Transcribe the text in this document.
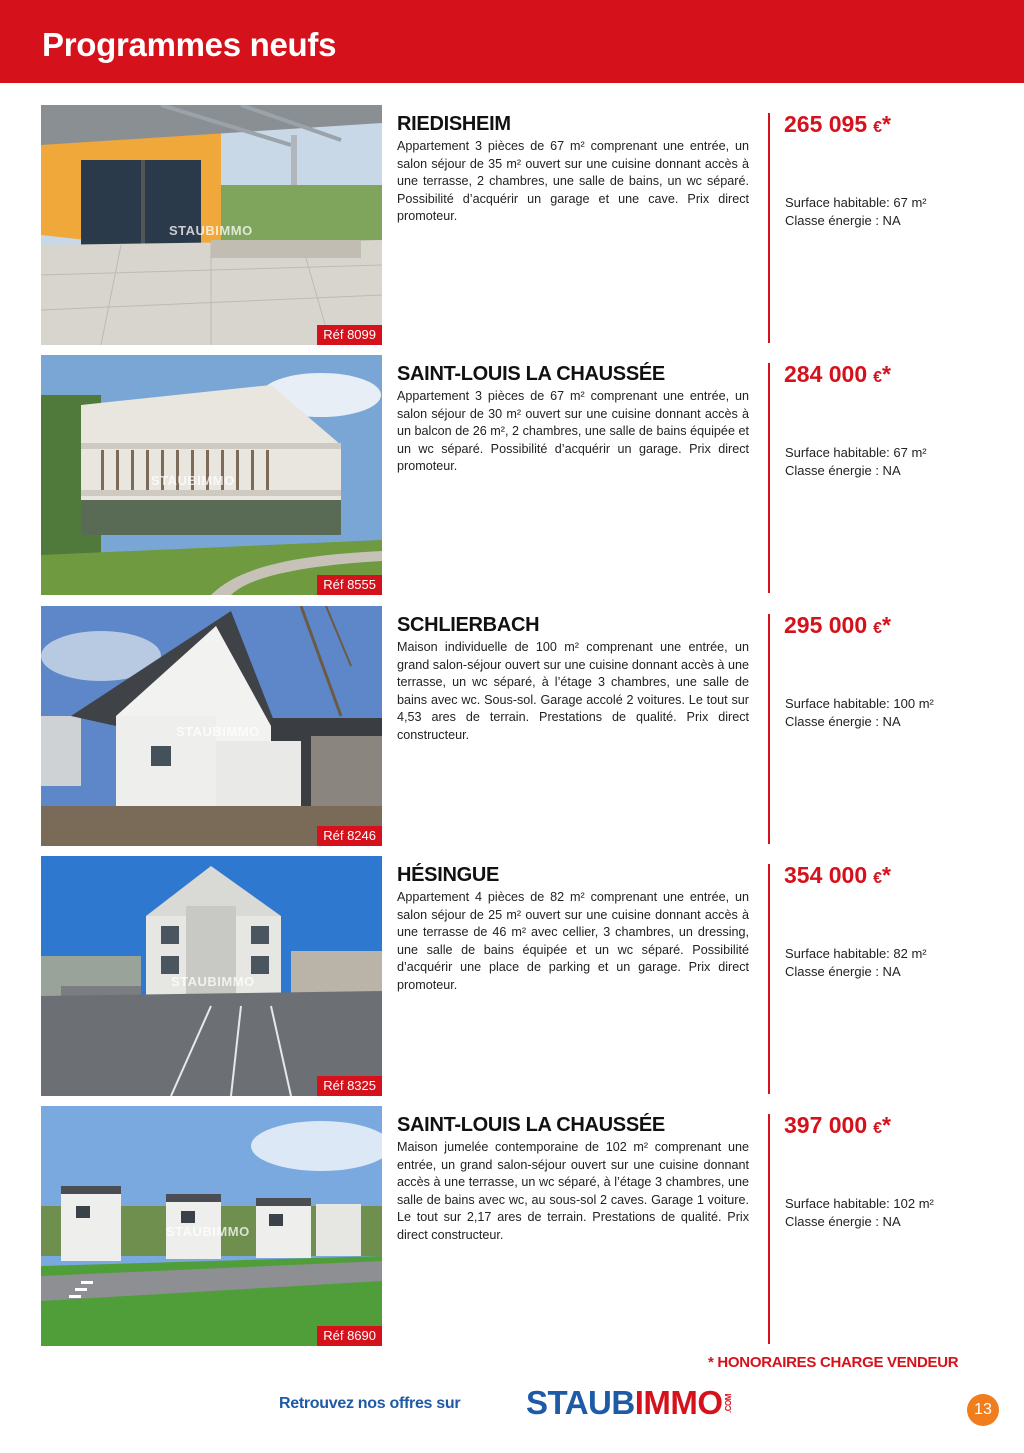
Programmes neufs
STAUBIMMO
Réf 8099
RIEDISHEIM
Appartement 3 pièces de 67 m² comprenant une entrée, un salon séjour de 35 m² ouvert sur une cuisine donnant accès à une terrasse, 2 chambres, une salle de bains, un wc séparé. Possibilité d’acquérir un garage et une cave. Prix direct promoteur.
265 095 €*
Surface habitable: 67 m²
Classe énergie : NA
STAUBIMMO
Réf 8555
SAINT-LOUIS LA CHAUSSÉE
Appartement 3 pièces de 67 m² comprenant une entrée, un salon séjour de 30 m² ouvert sur une cuisine donnant accès à un balcon de 26 m², 2 chambres, une salle de bains équipée et un wc séparé. Possibilité d’acquérir un garage. Prix direct promoteur.
284 000 €*
Surface habitable: 67 m²
Classe énergie : NA
STAUBIMMO
Réf 8246
SCHLIERBACH
Maison individuelle de 100 m² comprenant une entrée, un grand salon-séjour ouvert sur une cuisine donnant accès à une terrasse, un wc séparé, à l’étage 3 chambres, une salle de bains avec wc. Sous-sol. Garage accolé 2 voitures. Le tout sur 4,53 ares de terrain. Prestations de qualité. Prix direct constructeur.
295 000 €*
Surface habitable: 100 m²
Classe énergie : NA
STAUBIMMO
Réf 8325
HÉSINGUE
Appartement 4 pièces de 82 m² comprenant une entrée, un salon séjour de 25 m² ouvert sur une cuisine donnant accès à une terrasse de 46 m² avec cellier, 3 chambres, un dressing, une salle de bains équipée et un wc séparé. Possibilité d’acquérir une place de parking et un garage. Prix direct promoteur.
354 000 €*
Surface habitable: 82 m²
Classe énergie : NA
STAUBIMMO
Réf 8690
SAINT-LOUIS LA CHAUSSÉE
Maison jumelée contemporaine de 102 m² comprenant une entrée, un grand salon-séjour ouvert sur une cuisine donnant accès à une terrasse, un wc séparé, à l’étage 3 chambres, une salle de bains avec wc, au sous-sol 2 caves. Garage 1 voiture. Le tout sur 2,17 ares de terrain. Prestations de qualité. Prix direct constructeur.
397 000 €*
Surface habitable: 102 m²
Classe énergie : NA
* HONORAIRES CHARGE VENDEUR
Retrouvez nos offres sur STAUBIMMO.COM	13
